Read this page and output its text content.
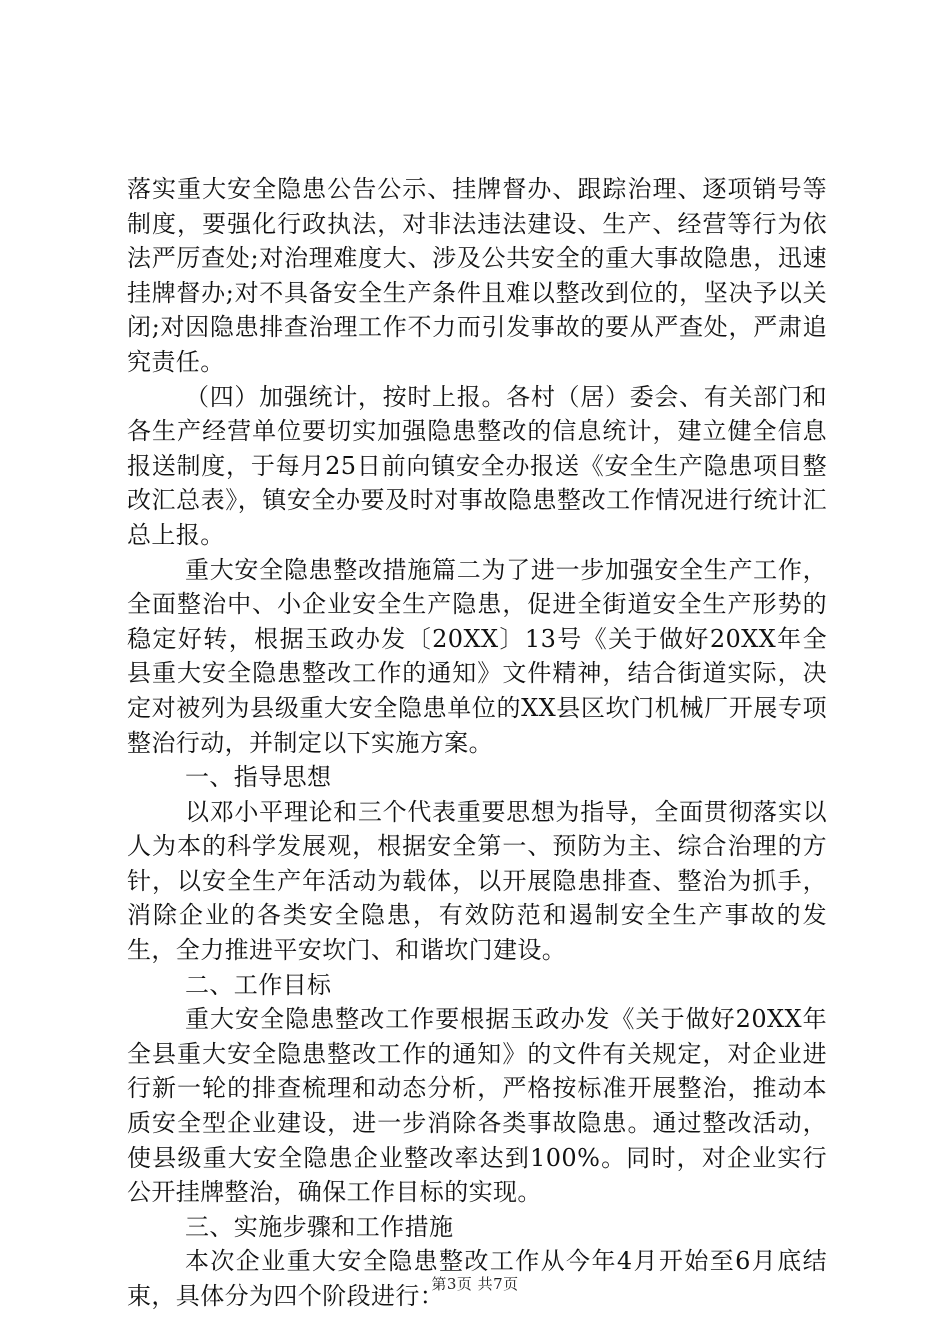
落实重大安全隐患公告公示、挂牌督办、跟踪治理、逐项销号等制度，要强化行政执法，对非法违法建设、生产、经营等行为依法严厉查处;对治理难度大、涉及公共安全的重大事故隐患，迅速挂牌督办;对不具备安全生产条件且难以整改到位的，坚决予以关闭;对因隐患排查治理工作不力而引发事故的要从严查处，严肃追究责任。

（四）加强统计，按时上报。各村（居）委会、有关部门和各生产经营单位要切实加强隐患整改的信息统计，建立健全信息报送制度，于每月25日前向镇安全办报送《安全生产隐患项目整改汇总表》，镇安全办要及时对事故隐患整改工作情况进行统计汇总上报。

重大安全隐患整改措施篇二为了进一步加强安全生产工作，全面整治中、小企业安全生产隐患，促进全街道安全生产形势的稳定好转，根据玉政办发〔20XX〕13号《关于做好20XX年全县重大安全隐患整改工作的通知》文件精神，结合街道实际，决定对被列为县级重大安全隐患单位的XX县区坎门机械厂开展专项整治行动，并制定以下实施方案。

一、指导思想

以邓小平理论和三个代表重要思想为指导，全面贯彻落实以人为本的科学发展观，根据安全第一、预防为主、综合治理的方针，以安全生产年活动为载体，以开展隐患排查、整治为抓手，消除企业的各类安全隐患，有效防范和遏制安全生产事故的发生，全力推进平安坎门、和谐坎门建设。

二、工作目标

重大安全隐患整改工作要根据玉政办发《关于做好20XX年全县重大安全隐患整改工作的通知》的文件有关规定，对企业进行新一轮的排查梳理和动态分析，严格按标准开展整治，推动本质安全型企业建设，进一步消除各类事故隐患。通过整改活动，使县级重大安全隐患企业整改率达到100%。同时，对企业实行公开挂牌整治，确保工作目标的实现。

三、实施步骤和工作措施

本次企业重大安全隐患整改工作从今年4月开始至6月底结束，具体分为四个阶段进行：

第3页 共7页
